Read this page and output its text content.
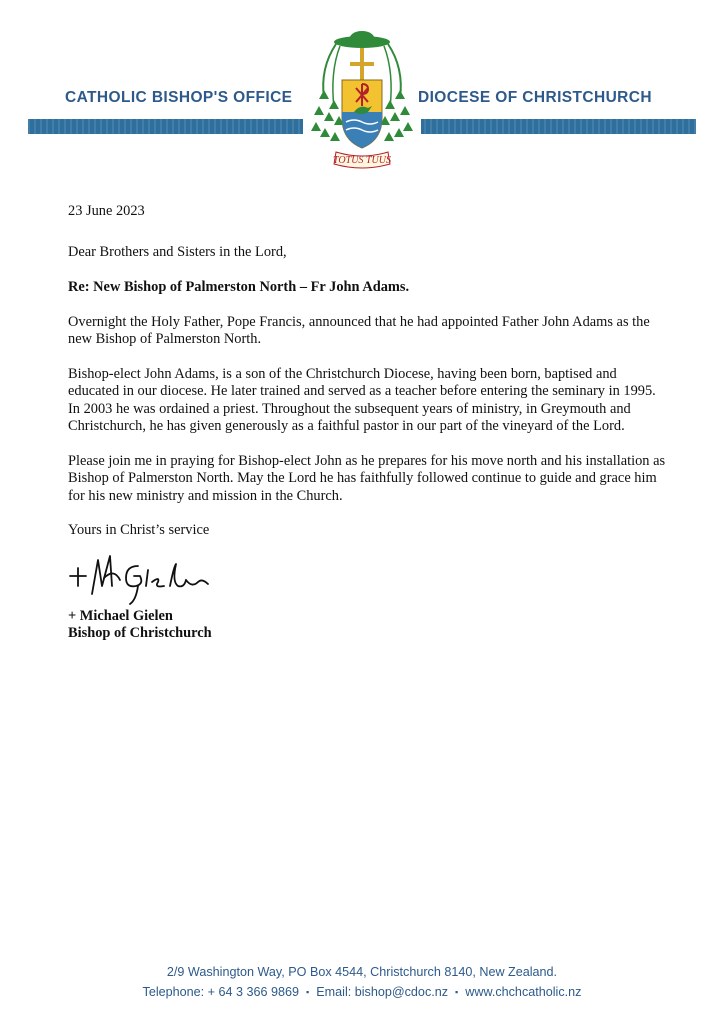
CATHOLIC BISHOP'S OFFICE	DIOCESE OF CHRISTCHURCH
TOTUS TUUS

23 June 2023

Dear Brothers and Sisters in the Lord,

Re: New Bishop of Palmerston North – Fr John Adams.

Overnight the Holy Father, Pope Francis, announced that he had appointed Father John Adams as the new Bishop of Palmerston North.

Bishop-elect John Adams, is a son of the Christchurch Diocese, having been born, baptised and educated in our diocese. He later trained and served as a teacher before entering the seminary in 1995. In 2003 he was ordained a priest. Throughout the subsequent years of ministry, in Greymouth and Christchurch, he has given generously as a faithful pastor in our part of the vineyard of the Lord.

Please join me in praying for Bishop-elect John as he prepares for his move north and his installation as Bishop of Palmerston North. May the Lord he has faithfully followed continue to guide and grace him for his new ministry and mission in the Church.

Yours in Christ’s service

+ Michael Gielen

Bishop of Christchurch

2/9 Washington Way, PO Box 4544, Christchurch 8140, New Zealand.
Telephone: + 64 3 366 9869 ▪ Email: bishop@cdoc.nz ▪ www.chchcatholic.nz
